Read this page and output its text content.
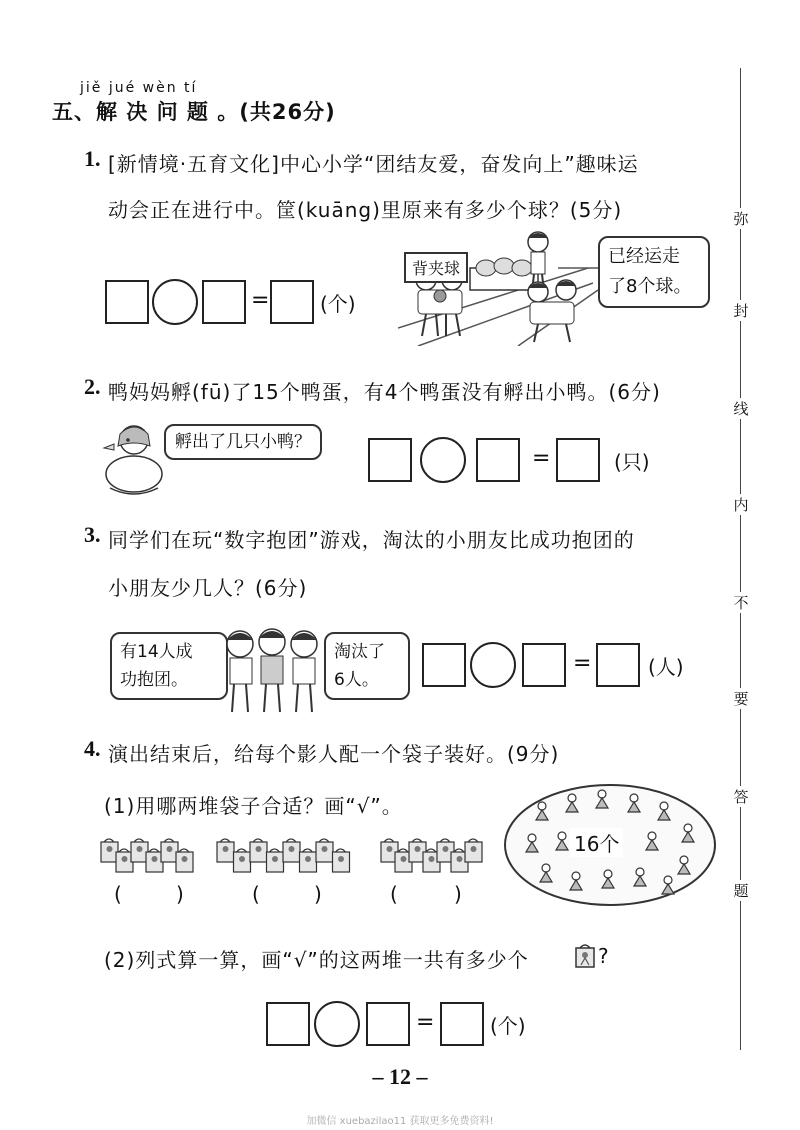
jiě jué wèn tí
五、解 决 问 题 。(共26分)
1. [新情境·五育文化]中心小学“团结友爱，奋发向上”趣味运
动会正在进行中。筐(kuāng)里原来有多少个球？(5分)
=	(个)
背夹球
已经运走
了8个球。
2. 鸭妈妈孵(fū)了15个鸭蛋，有4个鸭蛋没有孵出小鸭。(6分)
孵出了几只小鸭？
=	(只)
3. 同学们在玩“数字抱团”游戏，淘汰的小朋友比成功抱团的
小朋友少几人？(6分)
有14人成
功抱团。
淘汰了
6人。
=	(人)
4. 演出结束后，给每个影人配一个袋子装好。(9分)
(1)用哪两堆袋子合适？画“√”。
(	)	(	)	(	)
16个
(2)列式算一算，画“√”的这两堆一共有多少个	?
=	(个)
弥
封
线
内
不
要
答
题
– 12 –
加微信 xuebazilao11 获取更多免费资料!
